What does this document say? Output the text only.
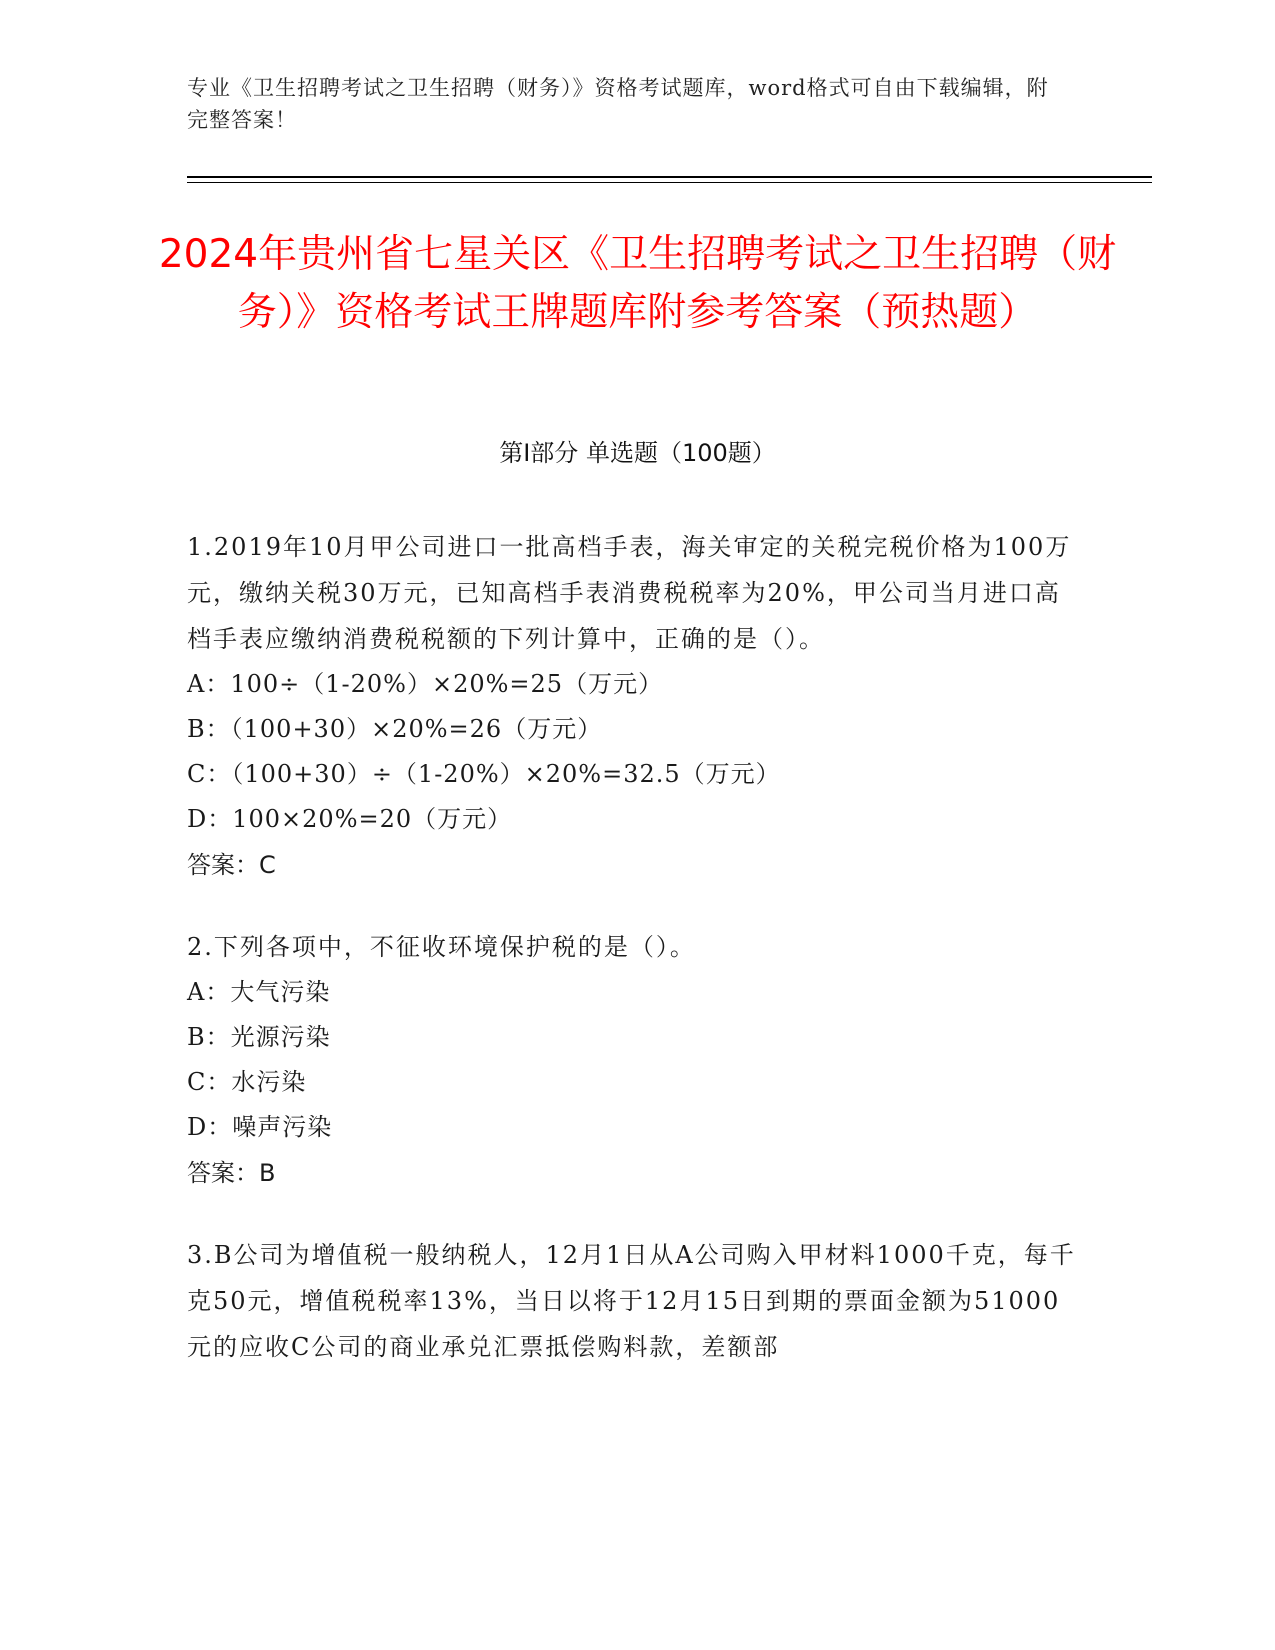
专业《卫生招聘考试之卫生招聘（财务）》资格考试题库，word格式可自由下载编辑，附完整答案！
2024年贵州省七星关区《卫生招聘考试之卫生招聘（财务）》资格考试王牌题库附参考答案（预热题）
第Ⅰ部分 单选题（100题）

1.2019年10月甲公司进口一批高档手表，海关审定的关税完税价格为100万元，缴纳关税30万元，已知高档手表消费税税率为20%，甲公司当月进口高档手表应缴纳消费税税额的下列计算中，正确的是（）。

A：100÷（1-20%）×20%=25（万元）

B：（100+30）×20%=26（万元）

C：（100+30）÷（1-20%）×20%=32.5（万元）

D：100×20%=20（万元）

答案：C

2.下列各项中，不征收环境保护税的是（）。

A：大气污染

B：光源污染

C：水污染

D：噪声污染

答案：B

3.B公司为增值税一般纳税人，12月1日从A公司购入甲材料1000千克，每千克50元，增值税税率13%，当日以将于12月15日到期的票面金额为51000元的应收C公司的商业承兑汇票抵偿购料款，差额部
